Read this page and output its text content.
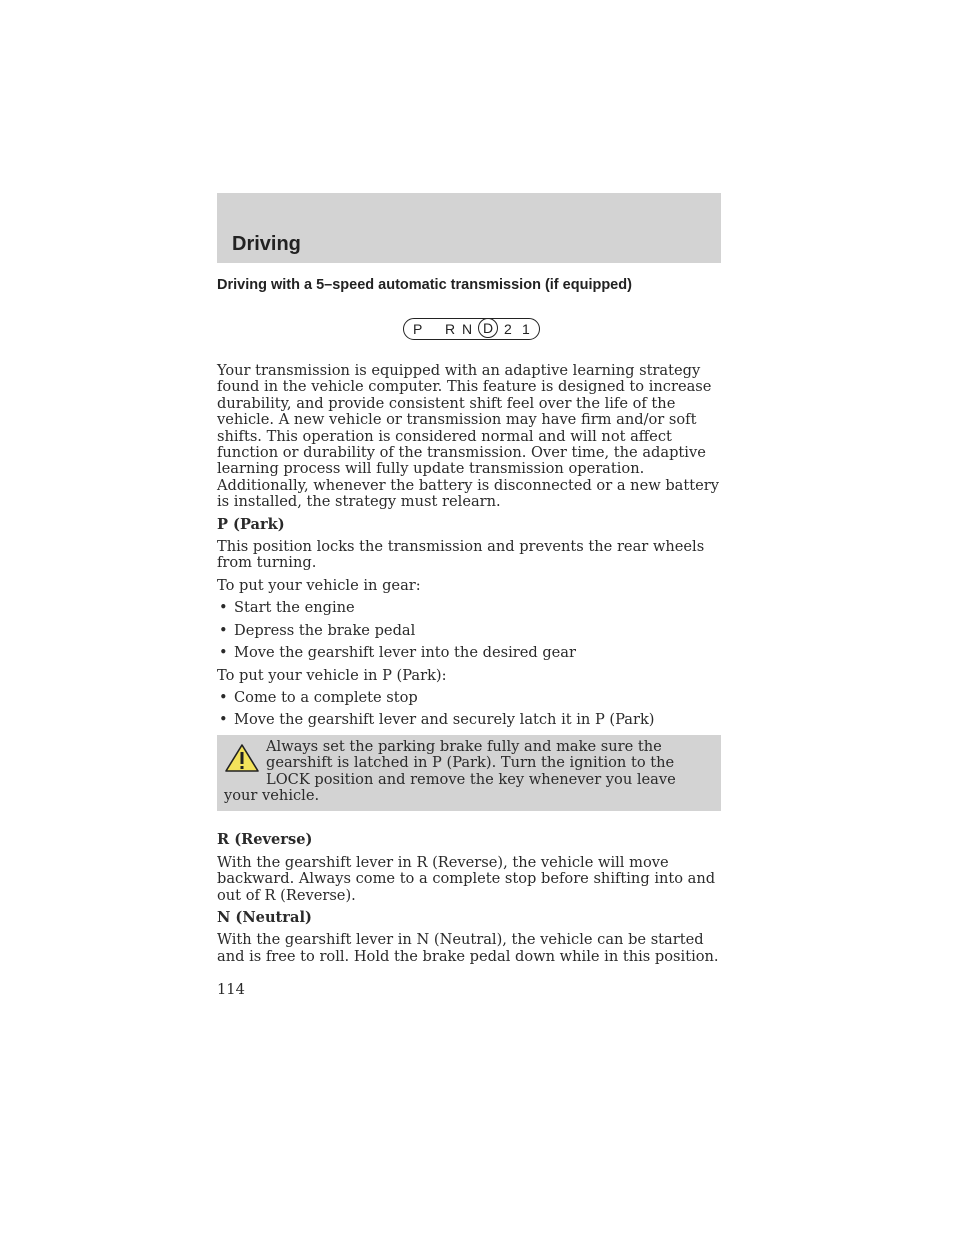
Driving
Driving with a 5–speed automatic transmission (if equipped)
P R N D 2 1

Your transmission is equipped with an adaptive learning strategy found in the vehicle computer. This feature is designed to increase durability, and provide consistent shift feel over the life of the vehicle. A new vehicle or transmission may have firm and/or soft shifts. This operation is considered normal and will not affect function or durability of the transmission. Over time, the adaptive learning process will fully update transmission operation. Additionally, whenever the battery is disconnected or a new battery is installed, the strategy must relearn.

P (Park)

This position locks the transmission and prevents the rear wheels from turning.

To put your vehicle in gear:

• Start the engine
• Depress the brake pedal
• Move the gearshift lever into the desired gear

To put your vehicle in P (Park):

• Come to a complete stop
• Move the gearshift lever and securely latch it in P (Park)
Always set the parking brake fully and make sure the gearshift is latched in P (Park). Turn the ignition to the LOCK position and remove the key whenever you leave your vehicle.

R (Reverse)

With the gearshift lever in R (Reverse), the vehicle will move backward. Always come to a complete stop before shifting into and out of R (Reverse).

N (Neutral)

With the gearshift lever in N (Neutral), the vehicle can be started and is free to roll. Hold the brake pedal down while in this position.

114
